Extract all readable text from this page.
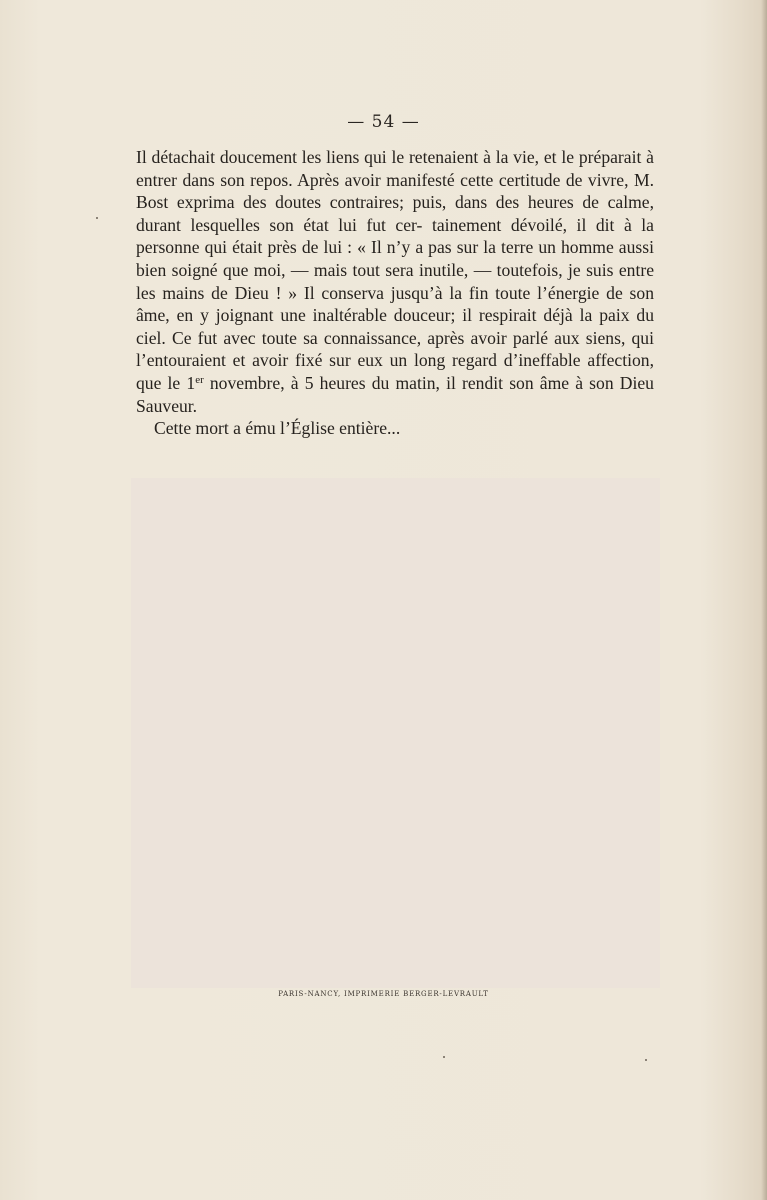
— 54 —

Il détachait doucement les liens qui le retenaient à la vie, et le préparait à entrer dans son repos. Après avoir manifesté cette certitude de vivre, M. Bost exprima des doutes contraires; puis, dans des heures de calme, durant lesquelles son état lui fut cer- tainement dévoilé, il dit à la personne qui était près de lui : « Il n’y a pas sur la terre un homme aussi bien soigné que moi, — mais tout sera inutile, — toutefois, je suis entre les mains de Dieu ! » Il conserva jusqu’à la fin toute l’énergie de son âme, en y joignant une inaltérable douceur; il respirait déjà la paix du ciel. Ce fut avec toute sa connaissance, après avoir parlé aux siens, qui l’entouraient et avoir fixé sur eux un long regard d’ineffable affection, que le 1er novembre, à 5 heures du matin, il rendit son âme à son Dieu Sauveur.

Cette mort a ému l’Église entière...

PARIS-NANCY, IMPRIMERIE BERGER-LEVRAULT
